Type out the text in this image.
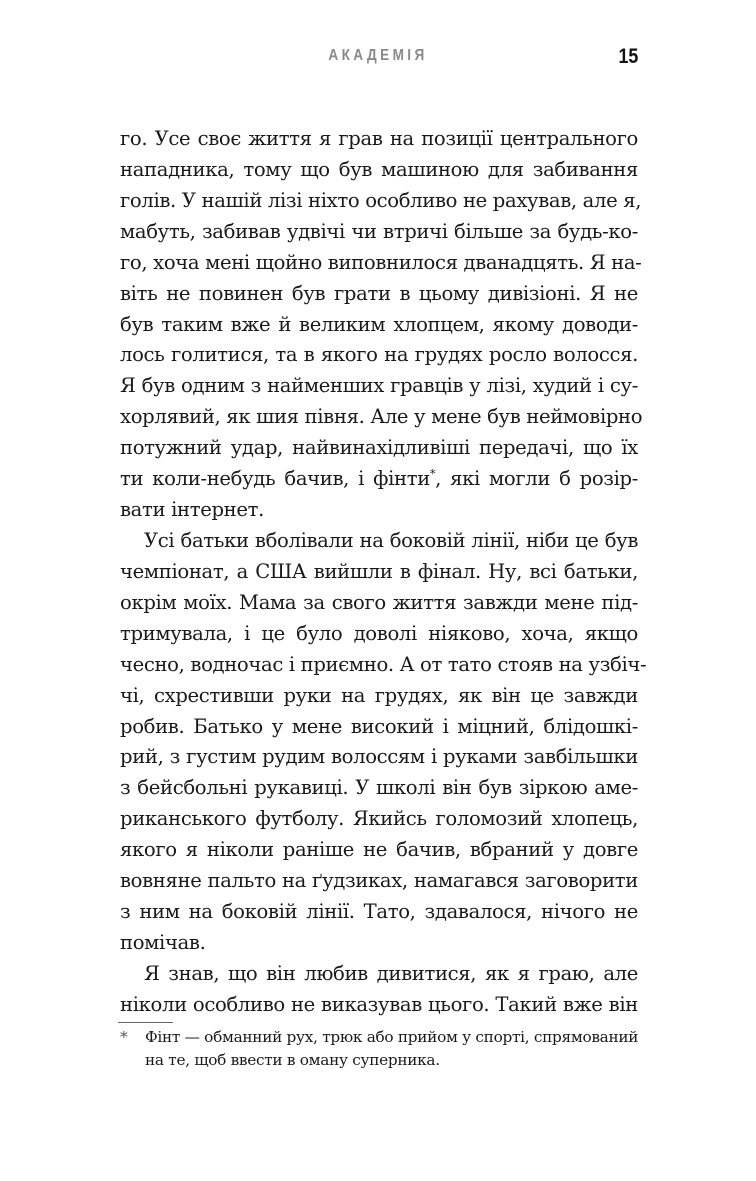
АКАДЕМІЯ	15
го. Усе своє життя я грав на позиції центрального
нападника, тому що був машиною для забивання
голів. У нашій лізі ніхто особливо не рахував, але я,
мабуть, забивав удвічі чи втричі більше за будь-ко-
го, хоча мені щойно виповнилося дванадцять. Я на-
віть не повинен був грати в цьому дивізіоні. Я не
був таким вже й великим хлопцем, якому доводи-
лось голитися, та в якого на грудях росло волосся.
Я був одним з найменших гравців у лізі, худий і су-
хорлявий, як шия півня. Але у мене був неймовірно
потужний удар, найвинахідливіші передачі, що їх
ти коли-небудь бачив, і фінти*, які могли б розір-
вати інтернет.
Усі батьки вболівали на боковій лінії, ніби це був
чемпіонат, а США вийшли в фінал. Ну, всі батьки,
окрім моїх. Мама за свого життя завжди мене під-
тримувала, і це було доволі ніяково, хоча, якщо
чесно, водночас і приємно. А от тато стояв на узбіч-
чі, схрестивши руки на грудях, як він це завжди
робив. Батько у мене високий і міцний, блідошкі-
рий, з густим рудим волоссям і руками завбільшки
з бейсбольні рукавиці. У школі він був зіркою аме-
риканського футболу. Якийсь голомозий хлопець,
якого я ніколи раніше не бачив, вбраний у довге
вовняне пальто на ґудзиках, намагався заговорити
з ним на боковій лінії. Тато, здавалося, нічого не
помічав.
Я знав, що він любив дивитися, як я граю, але
ніколи особливо не виказував цього. Такий вже він
* Фінт — обманний рух, трюк або прийом у спорті, спрямований на те, щоб ввести в оману суперника.
